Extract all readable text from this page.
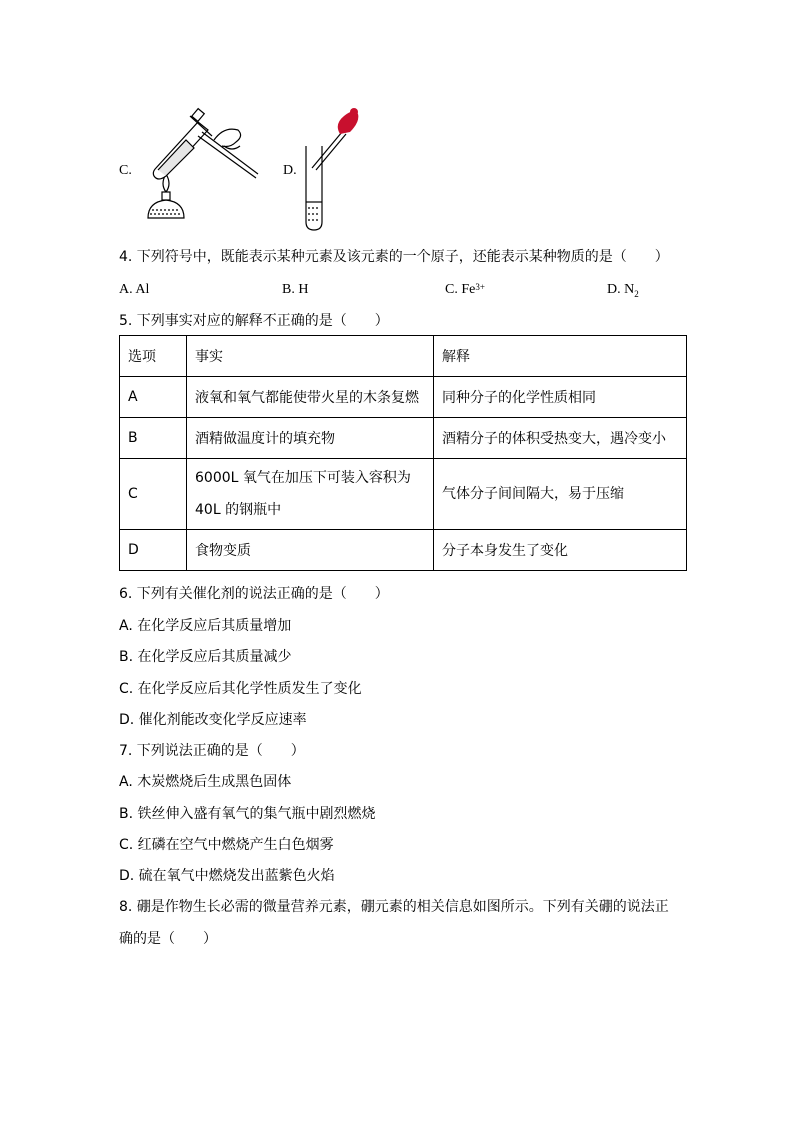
C.	D.
4. 下列符号中，既能表示某种元素及该元素的一个原子，还能表示某种物质的是（　　）
A. Al	B. H	C. $Fe^{3+}$	D. $N_2$
5. 下列事实对应的解释不正确的是（　　）
选项	事实	解释
A	液氧和氧气都能使带火星的木条复燃	同种分子的化学性质相同
B	酒精做温度计的填充物	酒精分子的体积受热变大，遇冷变小
C	6000L 氧气在加压下可装入容积为
40L 的钢瓶中	气体分子间间隔大，易于压缩
D	食物变质	分子本身发生了变化
6. 下列有关催化剂的说法正确的是（　　）
A. 在化学反应后其质量增加
B. 在化学反应后其质量减少
C. 在化学反应后其化学性质发生了变化
D. 催化剂能改变化学反应速率
7. 下列说法正确的是（　　）
A. 木炭燃烧后生成黑色固体
B. 铁丝伸入盛有氧气的集气瓶中剧烈燃烧
C. 红磷在空气中燃烧产生白色烟雾
D. 硫在氧气中燃烧发出蓝紫色火焰
8. 硼是作物生长必需的微量营养元素，硼元素的相关信息如图所示。下列有关硼的说法正
确的是（　　）
